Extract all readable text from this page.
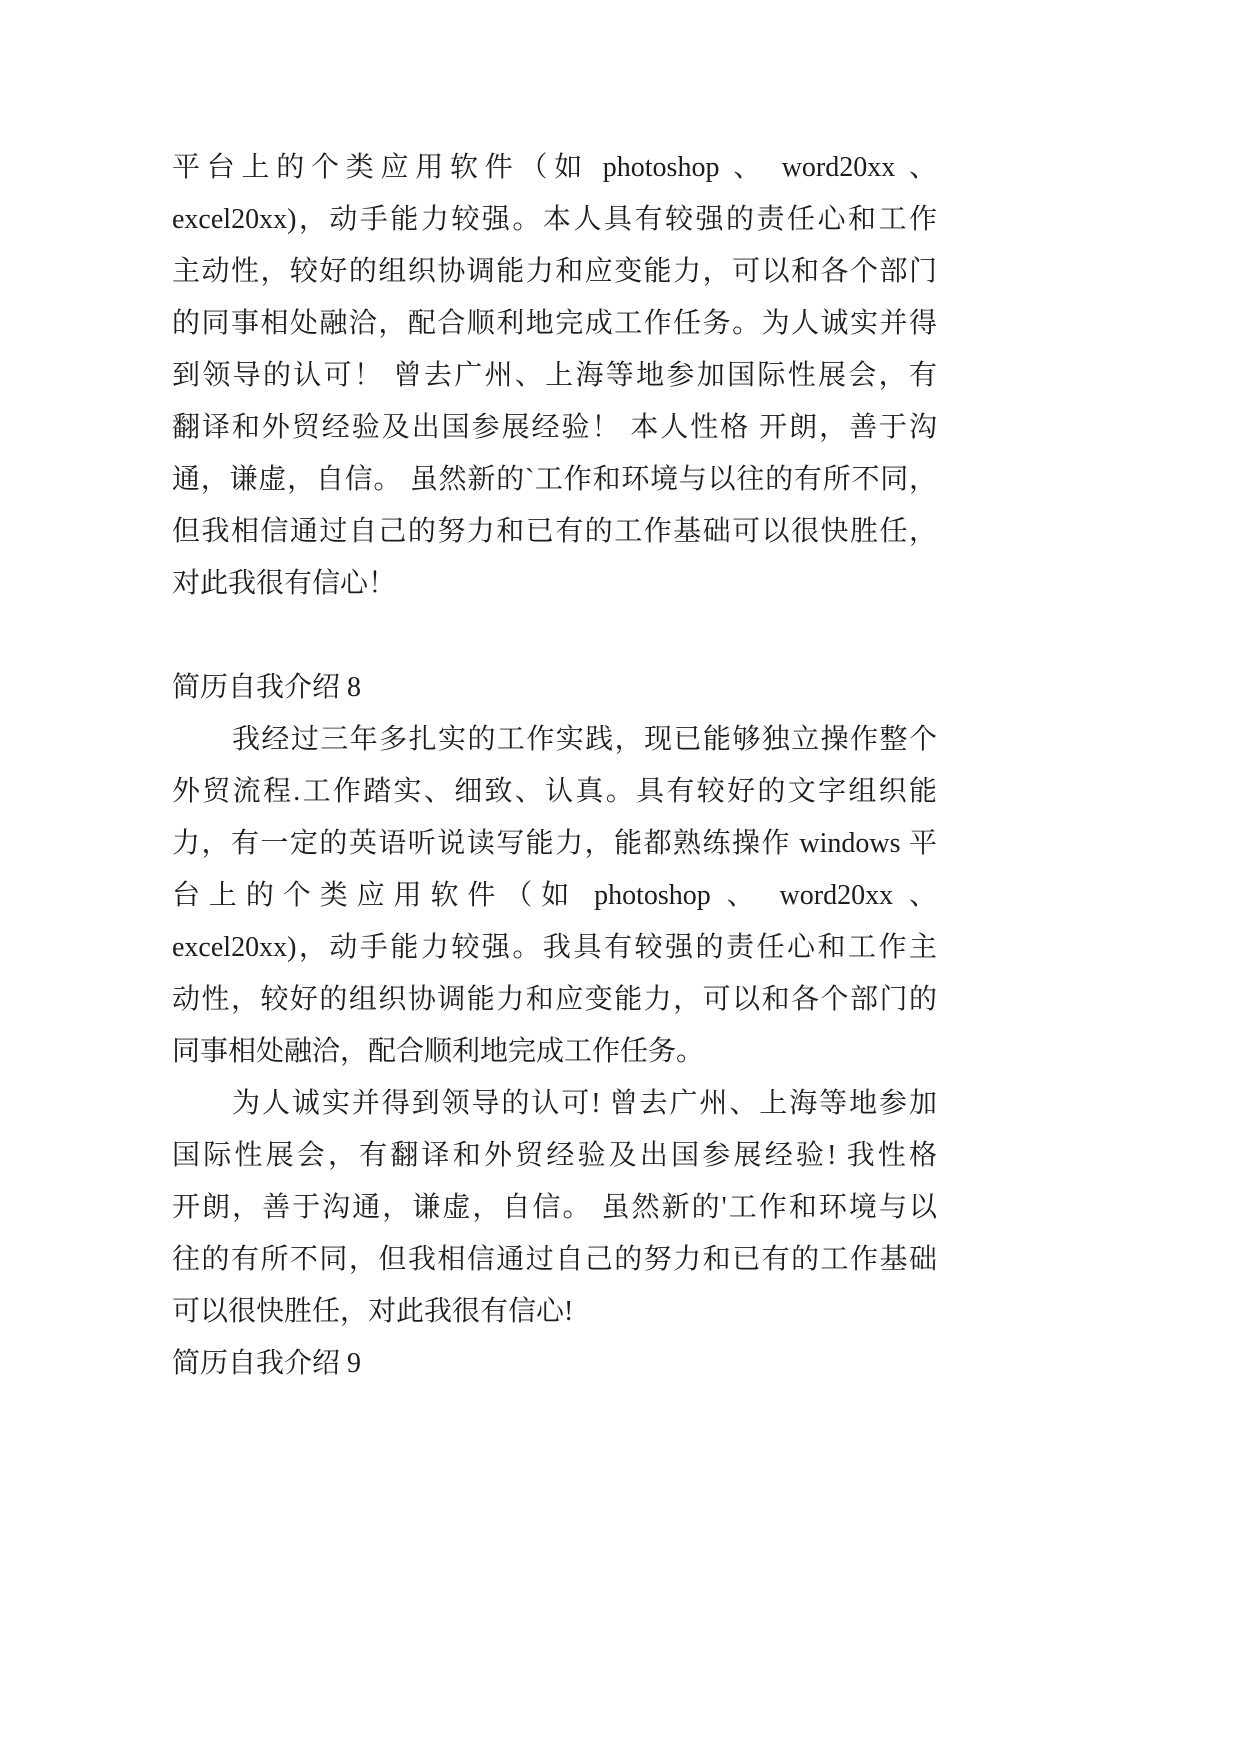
平台上的个类应用软件（如 photoshop 、 word20xx 、
excel20xx)，动手能力较强。本人具有较强的责任心和工作
主动性，较好的组织协调能力和应变能力，可以和各个部门
的同事相处融洽，配合顺利地完成工作任务。为人诚实并得
到领导的认可！ 曾去广州、上海等地参加国际性展会，有
翻译和外贸经验及出国参展经验！ 本人性格 开朗，善于沟
通，谦虚，自信。 虽然新的`工作和环境与以往的有所不同，
但我相信通过自己的努力和已有的工作基础可以很快胜任，
对此我很有信心！
简历自我介绍 8
我经过三年多扎实的工作实践，现已能够独立操作整个
外贸流程.工作踏实、细致、认真。具有较好的文字组织能
力，有一定的英语听说读写能力，能都熟练操作 windows 平
台上的个类应用软件（如 photoshop 、 word20xx 、
excel20xx)，动手能力较强。我具有较强的责任心和工作主
动性，较好的组织协调能力和应变能力，可以和各个部门的
同事相处融洽，配合顺利地完成工作任务。
为人诚实并得到领导的认可! 曾去广州、上海等地参加
国际性展会，有翻译和外贸经验及出国参展经验! 我性格
开朗，善于沟通，谦虚，自信。 虽然新的'工作和环境与以
往的有所不同，但我相信通过自己的努力和已有的工作基础
可以很快胜任，对此我很有信心!
简历自我介绍 9
